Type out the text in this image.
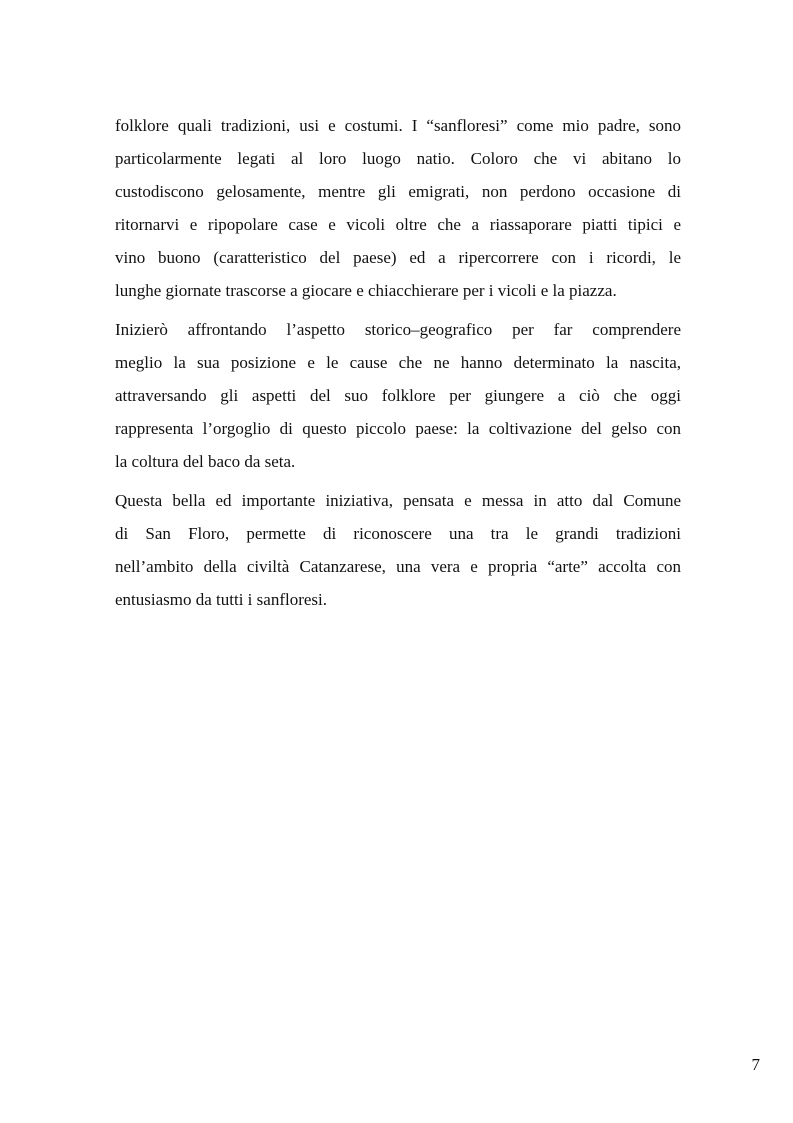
folklore quali tradizioni, usi e costumi. I “sanfloresi” come mio padre, sono
particolarmente legati al loro luogo natio. Coloro che vi abitano lo
custodiscono gelosamente, mentre gli emigrati, non perdono occasione di
ritornarvi e ripopolare case e vicoli oltre che a riassaporare piatti tipici e
vino buono (caratteristico del paese) ed a ripercorrere con i ricordi, le
lunghe giornate trascorse a giocare e chiacchierare per i vicoli e la piazza.

Inizierò affrontando l’aspetto storico–geografico per far comprendere
meglio la sua posizione e le cause che ne hanno determinato la nascita,
attraversando gli aspetti del suo folklore per giungere a ciò che oggi
rappresenta l’orgoglio di questo piccolo paese: la coltivazione del gelso con
la coltura del baco da seta.

Questa bella ed importante iniziativa, pensata e messa in atto dal Comune
di San Floro, permette di riconoscere una tra le grandi tradizioni
nell’ambito della civiltà Catanzarese, una vera e propria “arte” accolta con
entusiasmo da tutti i sanfloresi.

7
